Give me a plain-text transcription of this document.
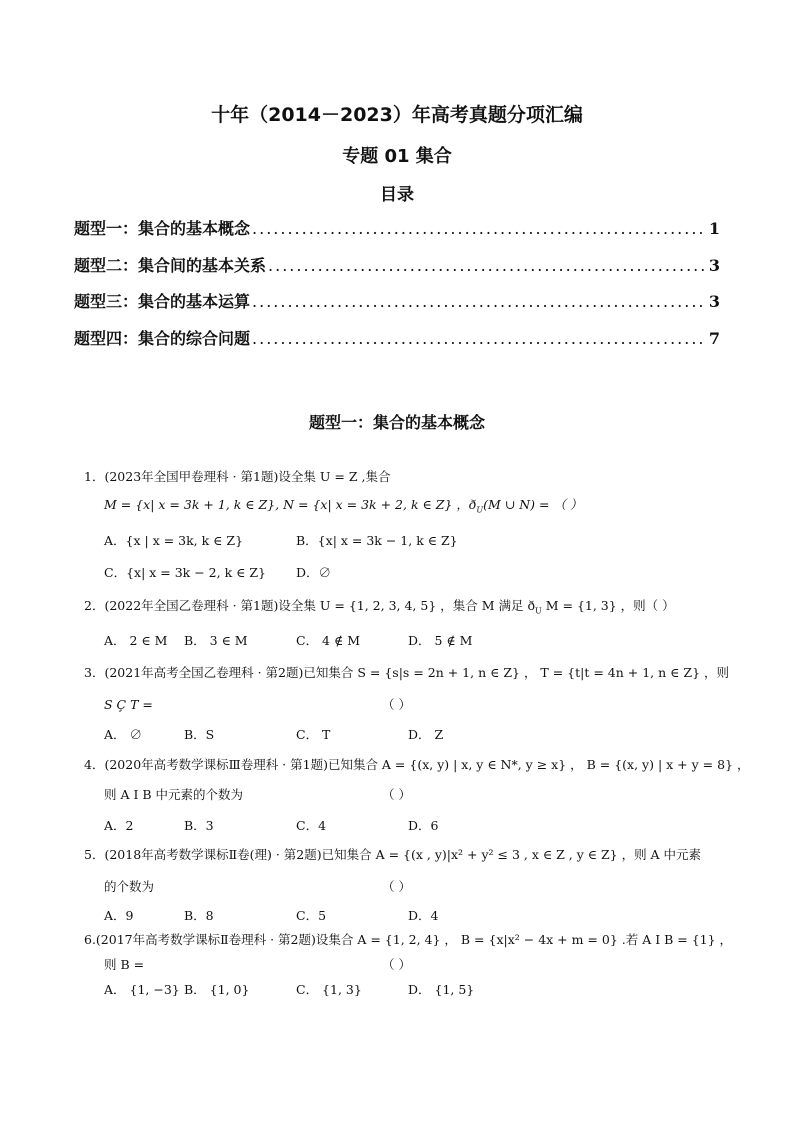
十年（2014－2023）年高考真题分项汇编
专题 01 集合
目录
题型一：集合的基本概念 .....	1
题型二：集合间的基本关系 .....	3
题型三：集合的基本运算 .....	3
题型四：集合的综合问题 .....	7
题型一：集合的基本概念
1．(2023年全国甲卷理科 · 第1题)设全集 U = Z ,集合
M = {x| x = 3k + 1, k ∈ Z}, N = {x| x = 3k + 2, k ∈ Z} ，$ð_U(M$ ∪ N) = （ ）
A．{x | x = 3k, k ∈ Z}	B．{x| x = 3k − 1, k ∈ Z}
C．{x| x = 3k − 2, k ∈ Z} D．∅
2．(2022年全国乙卷理科 · 第1题)设全集 U = {1, 2, 3, 4, 5} ，集合 M 满足 $ð_U$ M = {1, 3} ，则（ ）
A． 2 ∈ M B． 3 ∈ M	C． 4 ∉ M	D． 5 ∉ M
3．(2021年高考全国乙卷理科 · 第2题)已知集合 S = {s|s = 2n + 1, n ∈ Z} ， T = {t|t = 4n + 1, n ∈ Z} ，则
S Ç T =	（ ）
A． ∅	B．S	C． T	D． Z
4．(2020年高考数学课标Ⅲ卷理科 · 第1题)已知集合 A = {(x, y) | x, y ∈ N*, y ≥ x} ， B = {(x, y) | x + y = 8} ，
则 A I B 中元素的个数为	（ ）
A．2	B．3	C．4	D．6
5．(2018年高考数学课标Ⅱ卷(理) · 第2题)已知集合 A = {(x , y)|x² + y² ≤ 3 , x ∈ Z , y ∈ Z} ，则 A 中元素
的个数为	（ ）
A．9	B．8	C．5	D．4
6.(2017年高考数学课标Ⅱ卷理科 · 第2题)设集合 A = {1, 2, 4} ， B = {x|x² − 4x + m = 0} .若 A I B = {1} ，
则 B =	（ ）
A． {1, −3} B． {1, 0}	C． {1, 3}	D． {1, 5}
